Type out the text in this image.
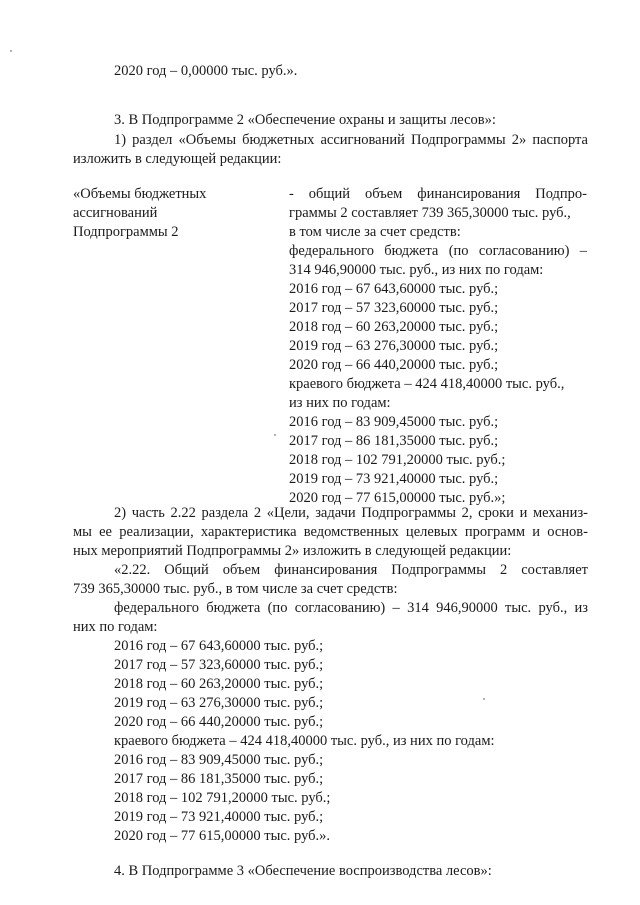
2020 год – 0,00000 тыс. руб.».
3. В Подпрограмме 2 «Обеспечение охраны и защиты лесов»:
1) раздел «Объемы бюджетных ассигнований Подпрограммы 2» паспорта
изложить в следующей редакции:
«Объемы бюджетных
ассигнований
Подпрограммы 2
- общий объем финансирования Подпро-
граммы 2 составляет 739 365,30000 тыс. руб.,
в том числе за счет средств:
федерального бюджета (по согласованию) –
314 946,90000 тыс. руб., из них по годам:
2016 год – 67 643,60000 тыс. руб.;
2017 год – 57 323,60000 тыс. руб.;
2018 год – 60 263,20000 тыс. руб.;
2019 год – 63 276,30000 тыс. руб.;
2020 год – 66 440,20000 тыс. руб.;
краевого бюджета – 424 418,40000 тыс. руб.,
из них по годам:
2016 год – 83 909,45000 тыс. руб.;
2017 год – 86 181,35000 тыс. руб.;
2018 год – 102 791,20000 тыс. руб.;
2019 год – 73 921,40000 тыс. руб.;
2020 год – 77 615,00000 тыс. руб.»;
2) часть 2.22 раздела 2 «Цели, задачи Подпрограммы 2, сроки и механиз-
мы ее реализации, характеристика ведомственных целевых программ и основ-
ных мероприятий Подпрограммы 2» изложить в следующей редакции:
«2.22. Общий объем финансирования Подпрограммы 2 составляет
739 365,30000 тыс. руб., в том числе за счет средств:
федерального бюджета (по согласованию) – 314 946,90000 тыс. руб., из
них по годам:
2016 год – 67 643,60000 тыс. руб.;
2017 год – 57 323,60000 тыс. руб.;
2018 год – 60 263,20000 тыс. руб.;
2019 год – 63 276,30000 тыс. руб.;
2020 год – 66 440,20000 тыс. руб.;
краевого бюджета – 424 418,40000 тыс. руб., из них по годам:
2016 год – 83 909,45000 тыс. руб.;
2017 год – 86 181,35000 тыс. руб.;
2018 год – 102 791,20000 тыс. руб.;
2019 год – 73 921,40000 тыс. руб.;
2020 год – 77 615,00000 тыс. руб.».
4. В Подпрограмме 3 «Обеспечение воспроизводства лесов»:
